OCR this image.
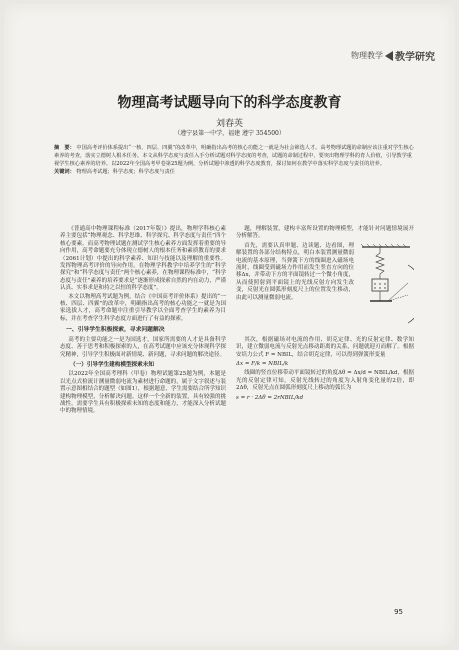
物理教学 教学研究
物理高考试题导向下的科学态度教育
刘春英
（遵宁县第一中学，福建 遵宁 354500）

摘　要： 中国高考评价体系提出“一核、四层、四翼”的改革中，明确指出高考的核心功能之一就是为社会筛选人才。高考物理试题的命制应该注重对学生核心素养的考查，落实立德树人根本任务。本文从科学态度与责任入手分析试题对科学态度的考查，试题的命制过程中，要突出物理学科的育人价值，引导教学重视学生核心素养的培养。以2022年全国高考甲卷第25题为例，分析试题中渗透的科学态度教育，探讨如何在教学中落实科学态度与责任的培养。

关键词： 物理高考试题；科学态度；科学态度与责任

《普通高中物理课程标准（2017年版）》提出，物理学科核心素养主要包括“物理观念、科学思维、科学探究、科学态度与责任”四个核心要素。而高考物理试题在测试学生核心素养方面发挥着重要的导向作用，高考命题要充分体现立德树人的根本任务和素质教育的要求（2061计划）中提出的科学素养、知识与技能以及理解的重要性。发挥物理高考评价的导向作用，在物理学科教学中培养学生的“科学探究”和“科学态度与责任”两个核心素养，在物理课程标准中，“科学态度与责任”素养的培养要求是“逐渐形成探索自然的内在动力，严谨认真、实事求是和持之以恒的科学态度”。

本文以物理高考试题为例，结合《中国高考评价体系》提出的“一核、四层、四翼”的改革中，明确指出高考的核心功能之一就是为国家选拔人才，高考命题中注重引导教学以全面考查学生的素养为目标，并在考查学生科学态度方面进行了有益的探索。

一、引导学生积极探索，寻求问题解决

高考的主要功能之一是为国选才，国家所需要的人才是具备科学态度、善于思考和积极探索的人，在高考试题中应该充分体现科学探究精神，引导学生积极面对新情境、新问题，寻求问题的解决途径。

（一）引导学生建构模型探索未知

以2022年全国高考理科（甲卷）物理试题第25题为例，本题是以光点式检流计测量微弱电流为素材进行命题的，属于文字叙述与装置示意图相结合的题型（如图1），根据题意，学生需要结合所学知识建构物理模型，分析解决问题。这样一个全新的装置，具有较强的挑战性，需要学生具有积极探索未知的态度和能力，才能深入分析试题中的物理情境。

题，理解装置，建构丰富所设置的物理模型，才能针对问题情境展开分析解答。

首先，需要认真审题、边读题、边看图，理解装置的各部分结构特点，明白本装置测量微弱电流的基本原理，当弹簧下方的线圈进入磁场电流时，线圈受到磁场力作用而发生竖直方向的位移Δx，并带动下方的平面镜转过一个微小角度，从而使照射到平面镜上的光线反射方向发生改变，反射光在圆弧形刻度尺上的位置发生移动，由此可以测量微弱电流。

其次，根据磁场对电流的作用、胡克定律、光的反射定律、数学知识，建立微弱电流与反射光点移动距离的关系，问题就迎刃而解了。根据安培力公式 F = NBIL，结合胡克定律，可以得到弹簧形变量

Δx = F/k = NBIL/k

线圈的竖直位移带动平面镜转过的角度Δθ = Δx/d = NBIL/kd，根据光的反射定律可知，反射光线转过的角度为入射角变化量的2倍，即2Δθ，反射光点在圆弧形刻度尺上移动的弧长为

s = r · 2Δθ = 2rNBIL/kd
95
